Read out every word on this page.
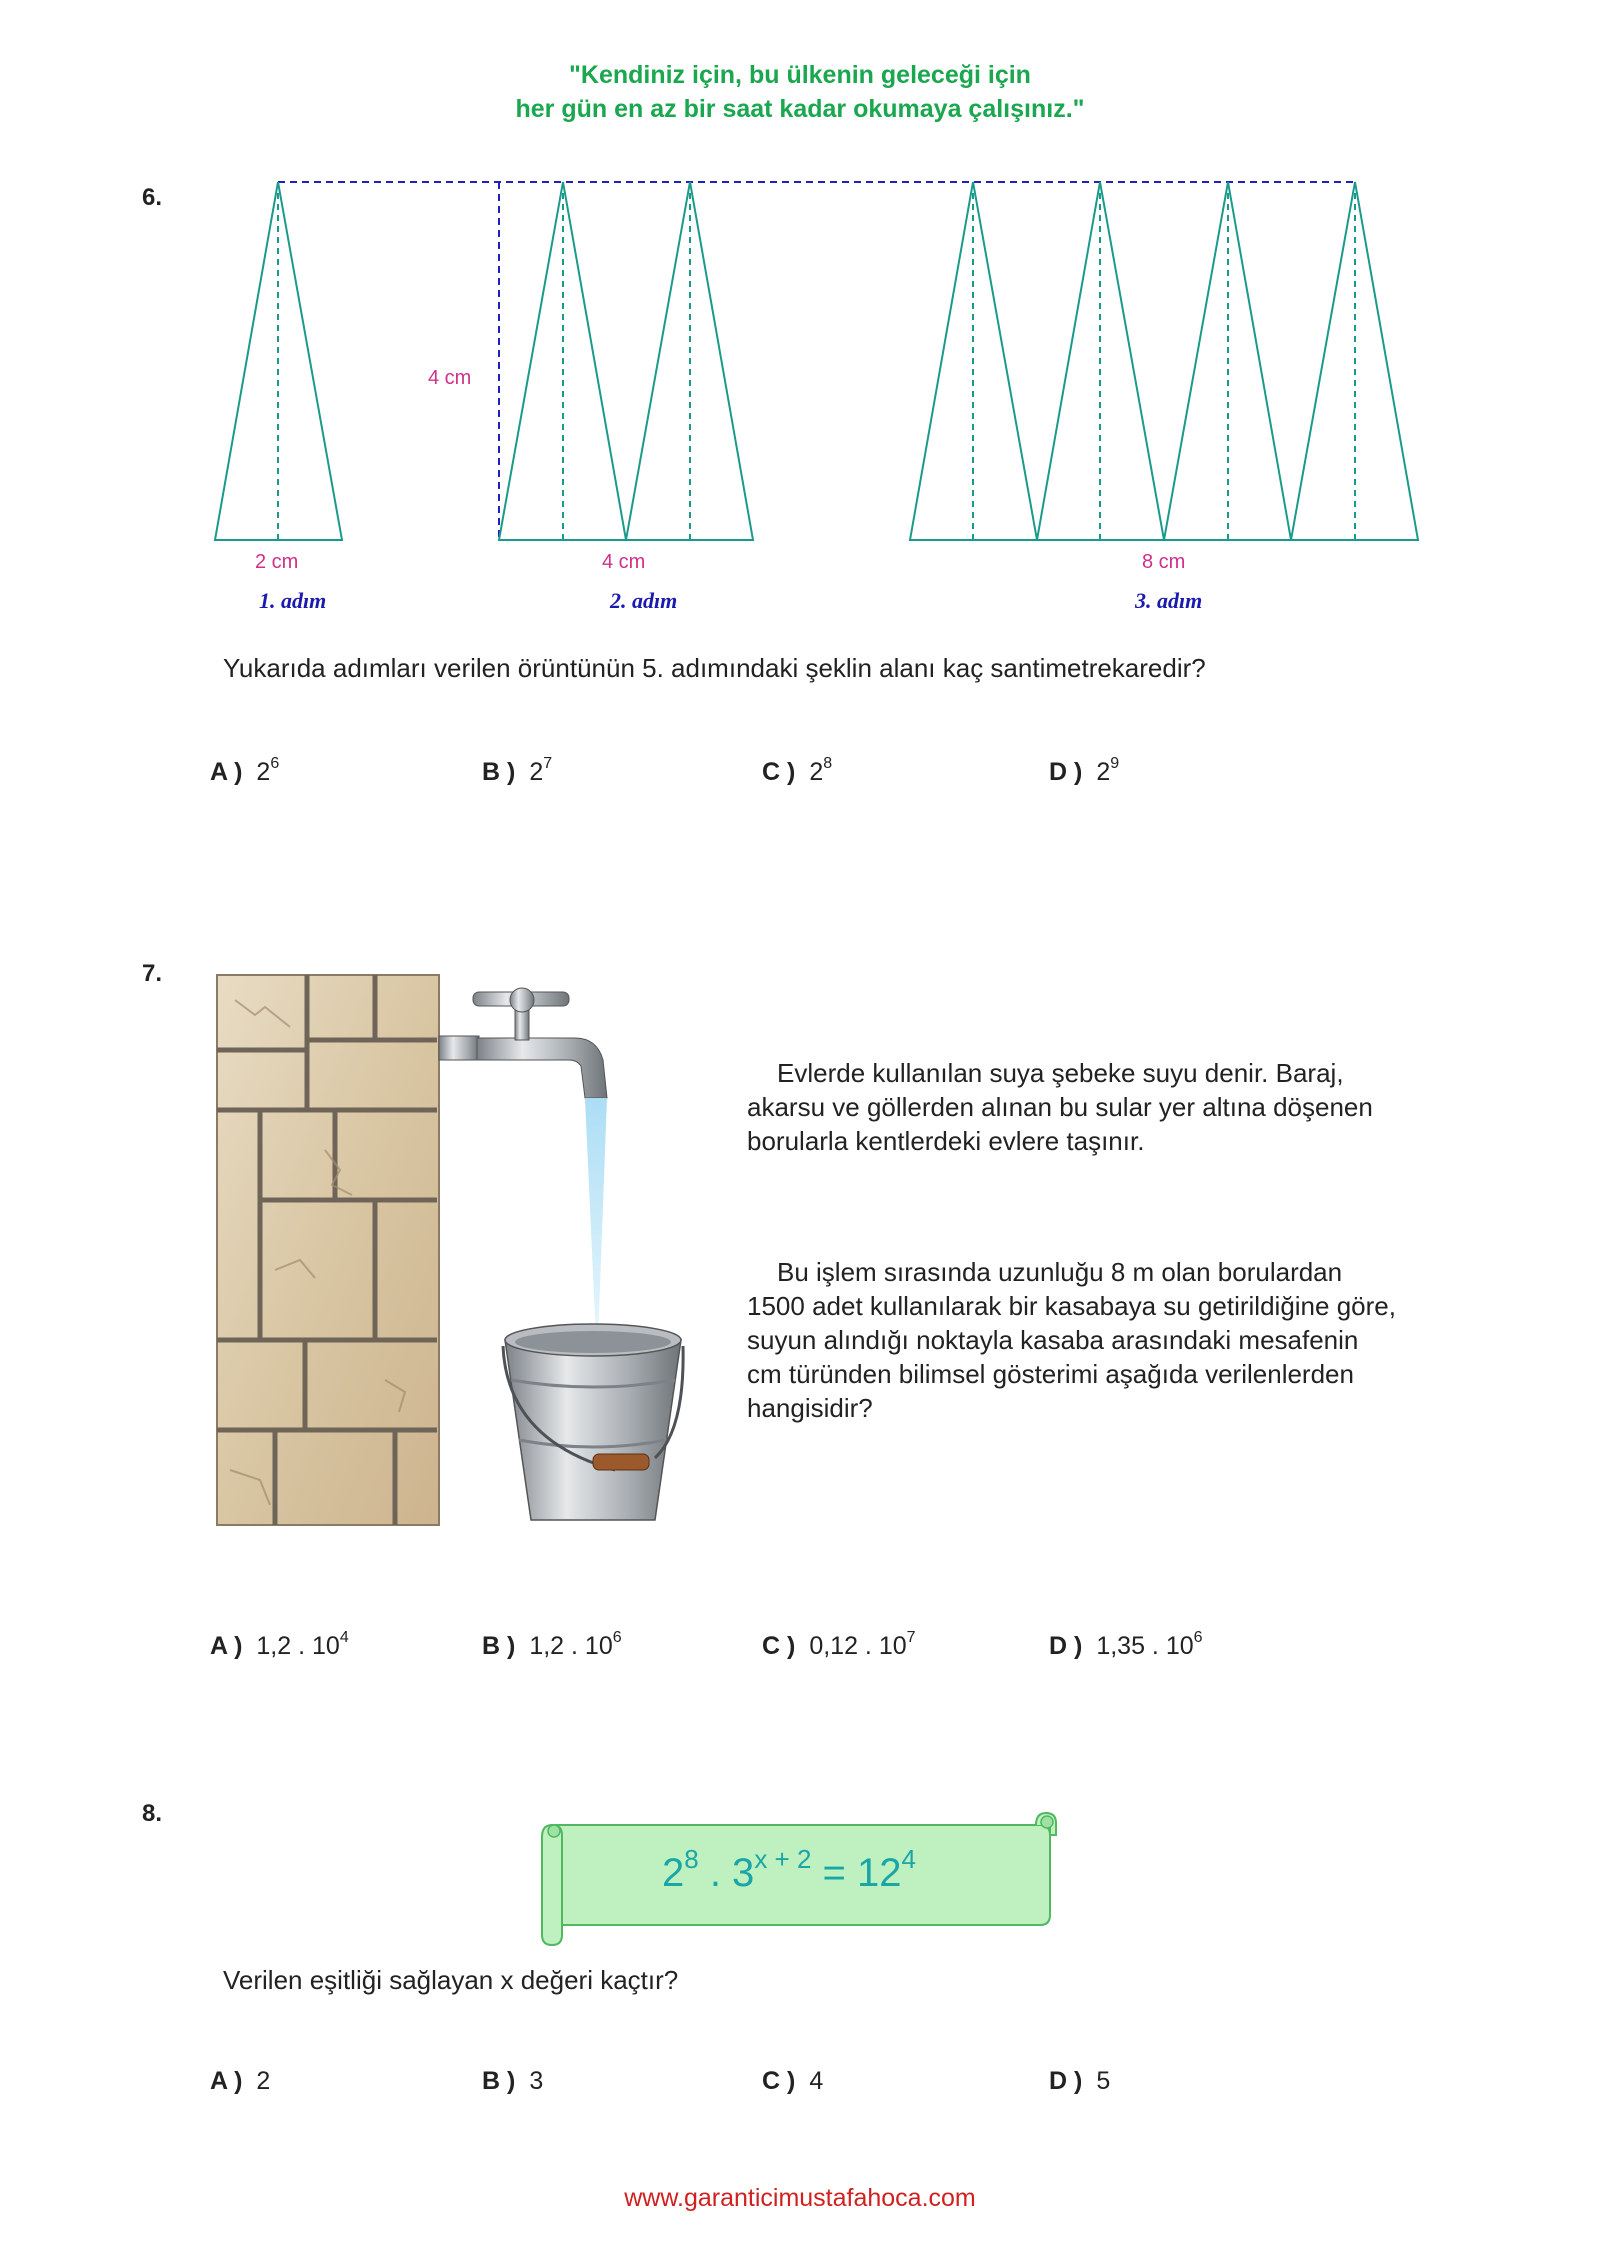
"Kendiniz için, bu ülkenin geleceği için
her gün en az bir saat kadar okumaya çalışınız."
6.
4 cm
2 cm	4 cm	8 cm
1. adım	2. adım	3. adım
Yukarıda adımları verilen örüntünün 5. adımındaki şeklin alanı kaç santimetrekaredir?
A ) $2^6$	B ) $2^7$	C ) $2^8$	D ) $2^9$
7.
Evlerde kullanılan suya şebeke suyu denir. Baraj, akarsu ve göllerden alınan bu sular yer altına döşenen borularla kentlerdeki evlere taşınır.
Bu işlem sırasında uzunluğu 8 m olan borulardan 1500 adet kullanılarak bir kasabaya su getirildiğine göre, suyun alındığı noktayla kasaba arasındaki mesafenin cm türünden bilimsel gösterimi aşağıda verilenlerden hangisidir?
A ) 1,2 . $10^4$	B ) 1,2 . $10^6$	C ) 0,12 . $10^7$	D ) 1,35 . $10^6$
8.
$2^8$ . $3^{x + 2} = 12^4$
Verilen eşitliği sağlayan x değeri kaçtır?
A ) 2	B ) 3	C ) 4	D ) 5
www.garanticimustafahoca.com
